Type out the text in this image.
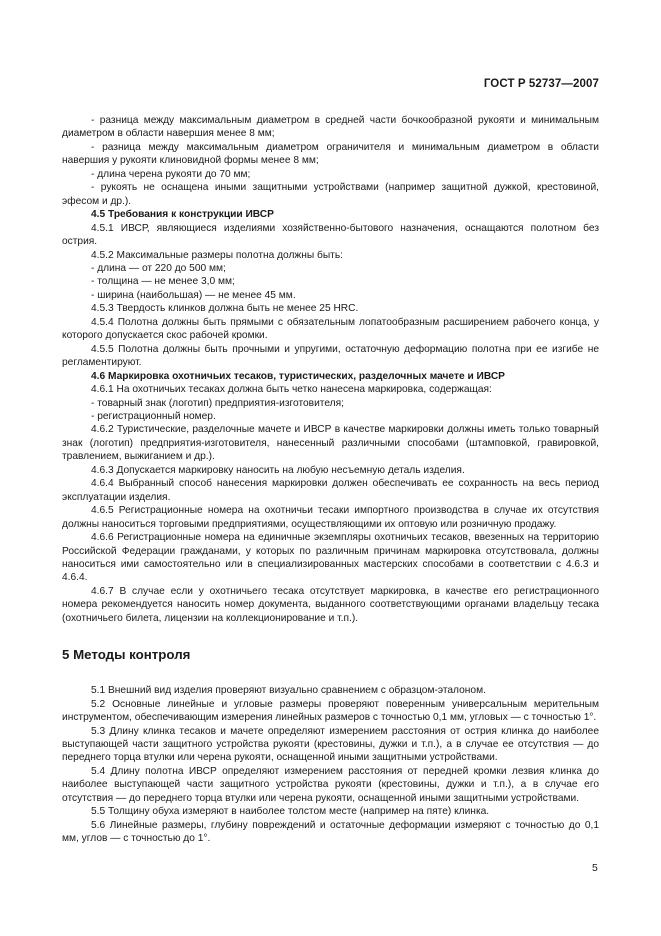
ГОСТ Р 52737—2007

- разница между максимальным диаметром в средней части бочкообразной рукояти и минимальным диаметром в области навершия менее 8 мм;

- разница между максимальным диаметром ограничителя и минимальным диаметром в области навершия у рукояти клиновидной формы менее 8 мм;

- длина черена рукояти до 70 мм;

- рукоять не оснащена иными защитными устройствами (например защитной дужкой, крестовиной, эфесом и др.).

4.5 Требования к конструкции ИВСР

4.5.1 ИВСР, являющиеся изделиями хозяйственно-бытового назначения, оснащаются полотном без острия.

4.5.2 Максимальные размеры полотна должны быть:

- длина — от 220 до 500 мм;

- толщина — не менее 3,0 мм;

- ширина (наибольшая) — не менее 45 мм.

4.5.3 Твердость клинков должна быть не менее 25 HRC.

4.5.4 Полотна должны быть прямыми с обязательным лопатообразным расширением рабочего конца, у которого допускается скос рабочей кромки.

4.5.5 Полотна должны быть прочными и упругими, остаточную деформацию полотна при ее изгибе не регламентируют.

4.6 Маркировка охотничьих тесаков, туристических, разделочных мачете и ИВСР

4.6.1 На охотничьих тесаках должна быть четко нанесена маркировка, содержащая:

- товарный знак (логотип) предприятия-изготовителя;

- регистрационный номер.

4.6.2 Туристические, разделочные мачете и ИВСР в качестве маркировки должны иметь только товарный знак (логотип) предприятия-изготовителя, нанесенный различными способами (штамповкой, гравировкой, травлением, выжиганием и др.).

4.6.3 Допускается маркировку наносить на любую несъемную деталь изделия.

4.6.4 Выбранный способ нанесения маркировки должен обеспечивать ее сохранность на весь период эксплуатации изделия.

4.6.5 Регистрационные номера на охотничьи тесаки импортного производства в случае их отсутствия должны наноситься торговыми предприятиями, осуществляющими их оптовую или розничную продажу.

4.6.6 Регистрационные номера на единичные экземпляры охотничьих тесаков, ввезенных на территорию Российской Федерации гражданами, у которых по различным причинам маркировка отсутствовала, должны наноситься ими самостоятельно или в специализированных мастерских способами в соответствии с 4.6.3 и 4.6.4.

4.6.7 В случае если у охотничьего тесака отсутствует маркировка, в качестве его регистрационного номера рекомендуется наносить номер документа, выданного соответствующими органами владельцу тесака (охотничьего билета, лицензии на коллекционирование и т.п.).

5 Методы контроля

5.1 Внешний вид изделия проверяют визуально сравнением с образцом-эталоном.

5.2 Основные линейные и угловые размеры проверяют поверенным универсальным мерительным инструментом, обеспечивающим измерения линейных размеров с точностью 0,1 мм, угловых — с точностью 1°.

5.3 Длину клинка тесаков и мачете определяют измерением расстояния от острия клинка до наиболее выступающей части защитного устройства рукояти (крестовины, дужки и т.п.), а в случае ее отсутствия — до переднего торца втулки или черена рукояти, оснащенной иными защитными устройствами.

5.4 Длину полотна ИВСР определяют измерением расстояния от передней кромки лезвия клинка до наиболее выступающей части защитного устройства рукояти (крестовины, дужки и т.п.), а в случае его отсутствия — до переднего торца втулки или черена рукояти, оснащенной иными защитными устройствами.

5.5 Толщину обуха измеряют в наиболее толстом месте (например на пяте) клинка.

5.6 Линейные размеры, глубину повреждений и остаточные деформации измеряют с точностью до 0,1 мм, углов — с точностью до 1°.

5
